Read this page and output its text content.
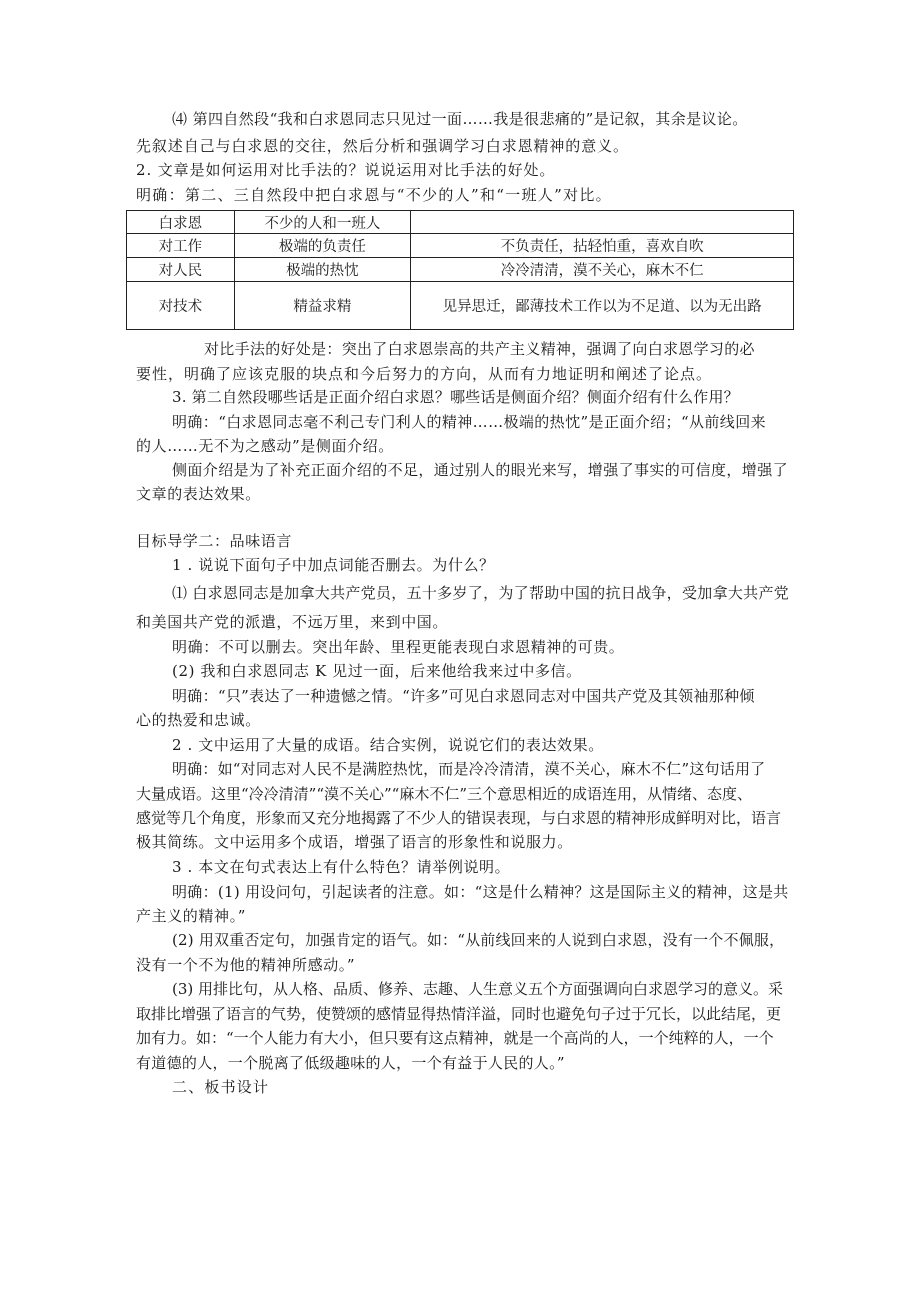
⑷ 第四自然段“我和白求恩同志只见过一面……我是很悲痛的”是记叙，其余是议论。
先叙述自己与白求恩的交往，然后分析和强调学习白求恩精神的意义。
2. 文章是如何运用对比手法的？说说运用对比手法的好处。
明确：第二、三自然段中把白求恩与“不少的人”和“一班人”对比。
白求恩	不少的人和一班人	
对工作	极端的负责任	不负责任，拈轻怕重，喜欢自吹
对人民	极端的热忱	冷冷清清，漠不关心，麻木不仁
对技术	精益求精	见异思迁，鄙薄技术工作以为不足道、以为无出路
对比手法的好处是：突出了白求恩崇高的共产主义精神，强调了向白求恩学习的必
要性，明确了应该克服的块点和今后努力的方向，从而有力地证明和阐述了论点。
3. 第二自然段哪些话是正面介绍白求恩？哪些话是侧面介绍？侧面介绍有什么作用？
明确：“白求恩同志毫不利己专门利人的精神……极端的热忱”是正面介绍；“从前线回来
的人……无不为之感动”是侧面介绍。
侧面介绍是为了补充正面介绍的不足，通过别人的眼光来写，增强了事实的可信度，增强了
文章的表达效果。
目标导学二：品味语言
1 . 说说下面句子中加点词能否删去。为什么？
⑴ 白求恩同志是加拿大共产党员，五十多岁了，为了帮助中国的抗日战争，受加拿大共产党
和美国共产党的派遣，不远万里，来到中国。
明确：不可以删去。突出年龄、里程更能表现白求恩精神的可贵。
(2) 我和白求恩同志 K 见过一面，后来他给我来过中多信。
明确：“只”表达了一种遗憾之情。“许多”可见白求恩同志对中国共产党及其领袖那种倾
心的热爱和忠诚。
2 . 文中运用了大量的成语。结合实例，说说它们的表达效果。
明确：如“对同志对人民不是满腔热忱，而是冷冷清清，漠不关心，麻木不仁”这句话用了
大量成语。这里“冷冷清清”“漠不关心”“麻木不仁”三个意思相近的成语连用，从情绪、态度、
感觉等几个角度，形象而又充分地揭露了不少人的错误表现，与白求恩的精神形成鲜明对比，语言
极其简练。文中运用多个成语，增强了语言的形象性和说服力。
3 . 本文在句式表达上有什么特色？请举例说明。
明确：(1) 用设问句，引起读者的注意。如：“这是什么精神？这是国际主义的精神，这是共
产主义的精神。”
(2) 用双重否定句，加强肯定的语气。如：“从前线回来的人说到白求恩，没有一个不佩服，
没有一个不为他的精神所感动。”
(3) 用排比句，从人格、品质、修养、志趣、人生意义五个方面强调向白求恩学习的意义。采
取排比增强了语言的气势，使赞颂的感情显得热情洋溢，同时也避免句子过于冗长，以此结尾，更
加有力。如：“一个人能力有大小，但只要有这点精神，就是一个高尚的人，一个纯粹的人，一个
有道德的人，一个脱离了低级趣味的人，一个有益于人民的人。”
二、板书设计
